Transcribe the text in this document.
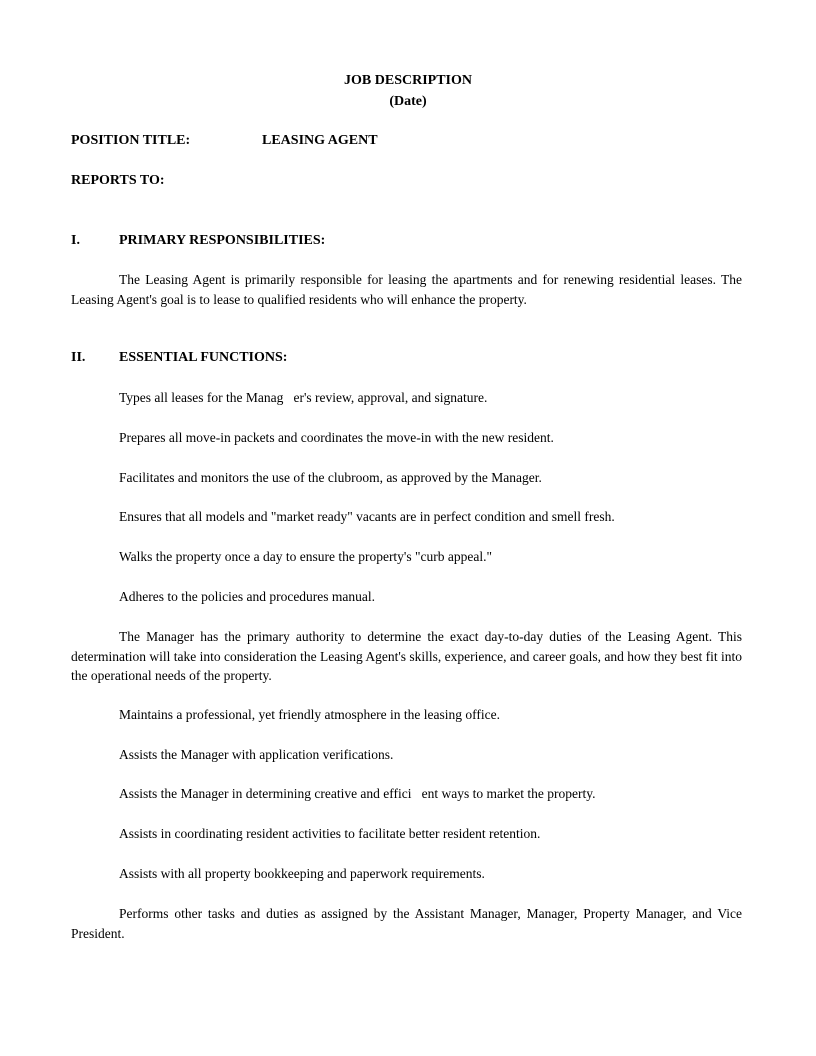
JOB DESCRIPTION
(Date)
POSITION TITLE:	LEASING AGENT
REPORTS TO:
I.	PRIMARY RESPONSIBILITIES:
The Leasing Agent is primarily responsible for leasing the apartments and for renewing residential leases. The Leasing Agent's goal is to lease to qualified residents who will enhance the property.
II. ESSENTIAL FUNCTIONS:
Types all leases for the Manag   er's review, approval, and signature.
Prepares all move-in packets and coordinates the move-in with the new resident.
Facilitates and monitors the use of the clubroom, as approved by the Manager.
Ensures that all models and "market ready" vacants are in perfect condition and smell fresh.
Walks the property once a day to ensure the property's "curb appeal."
Adheres to the policies and procedures manual.
The Manager has the primary authority to determine the exact day-to-day duties of the Leasing Agent. This determination will take into consideration the Leasing Agent's skills, experience, and career goals, and how they best fit into the operational needs of the property.
Maintains a professional, yet friendly atmosphere in the leasing office.
Assists the Manager with application verifications.
Assists the Manager in determining creative and effici   ent ways to market the property.
Assists in coordinating resident activities to facilitate better resident retention.
Assists with all property bookkeeping and paperwork requirements.
Performs other tasks and duties as assigned by the Assistant Manager, Manager, Property Manager, and Vice President.
